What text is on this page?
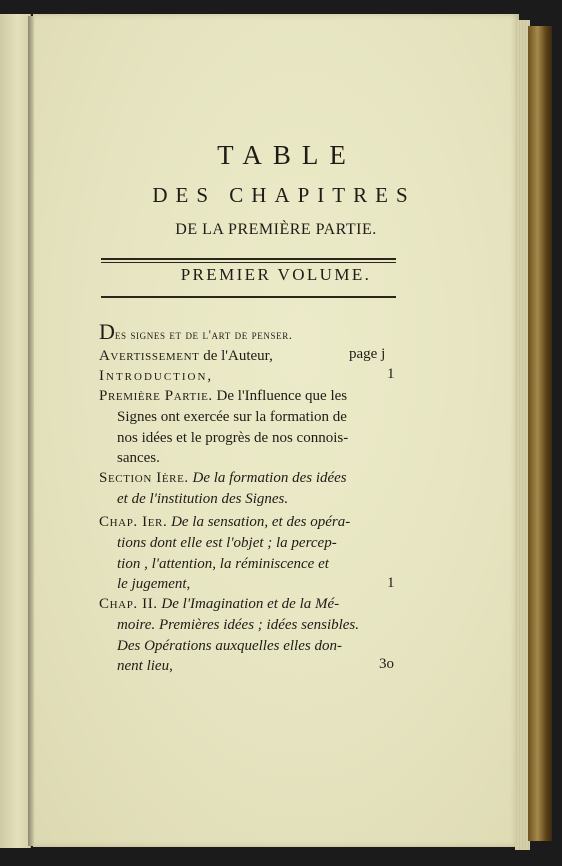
TABLE
DES CHAPITRES
DE LA PREMIÈRE PARTIE.
PREMIER VOLUME.
Des signes et de l'art de penser.
Avertissement de l'Auteur,	page j
Introduction,	1
Première Partie. De l'Influence que les
Signes ont exercée sur la formation de
nos idées et le progrès de nos connois-
sances.
Section Ière. De la formation des idées
et de l'institution des Signes.
Chap. Ier. De la sensation, et des opéra-
tions dont elle est l'objet ; la percep-
tion , l'attention, la réminiscence et
le jugement,	1
Chap. II. De l'Imagination et de la Mé-
moire. Premières idées ; idées sensibles.
Des Opérations auxquelles elles don-
nent lieu,	3o
